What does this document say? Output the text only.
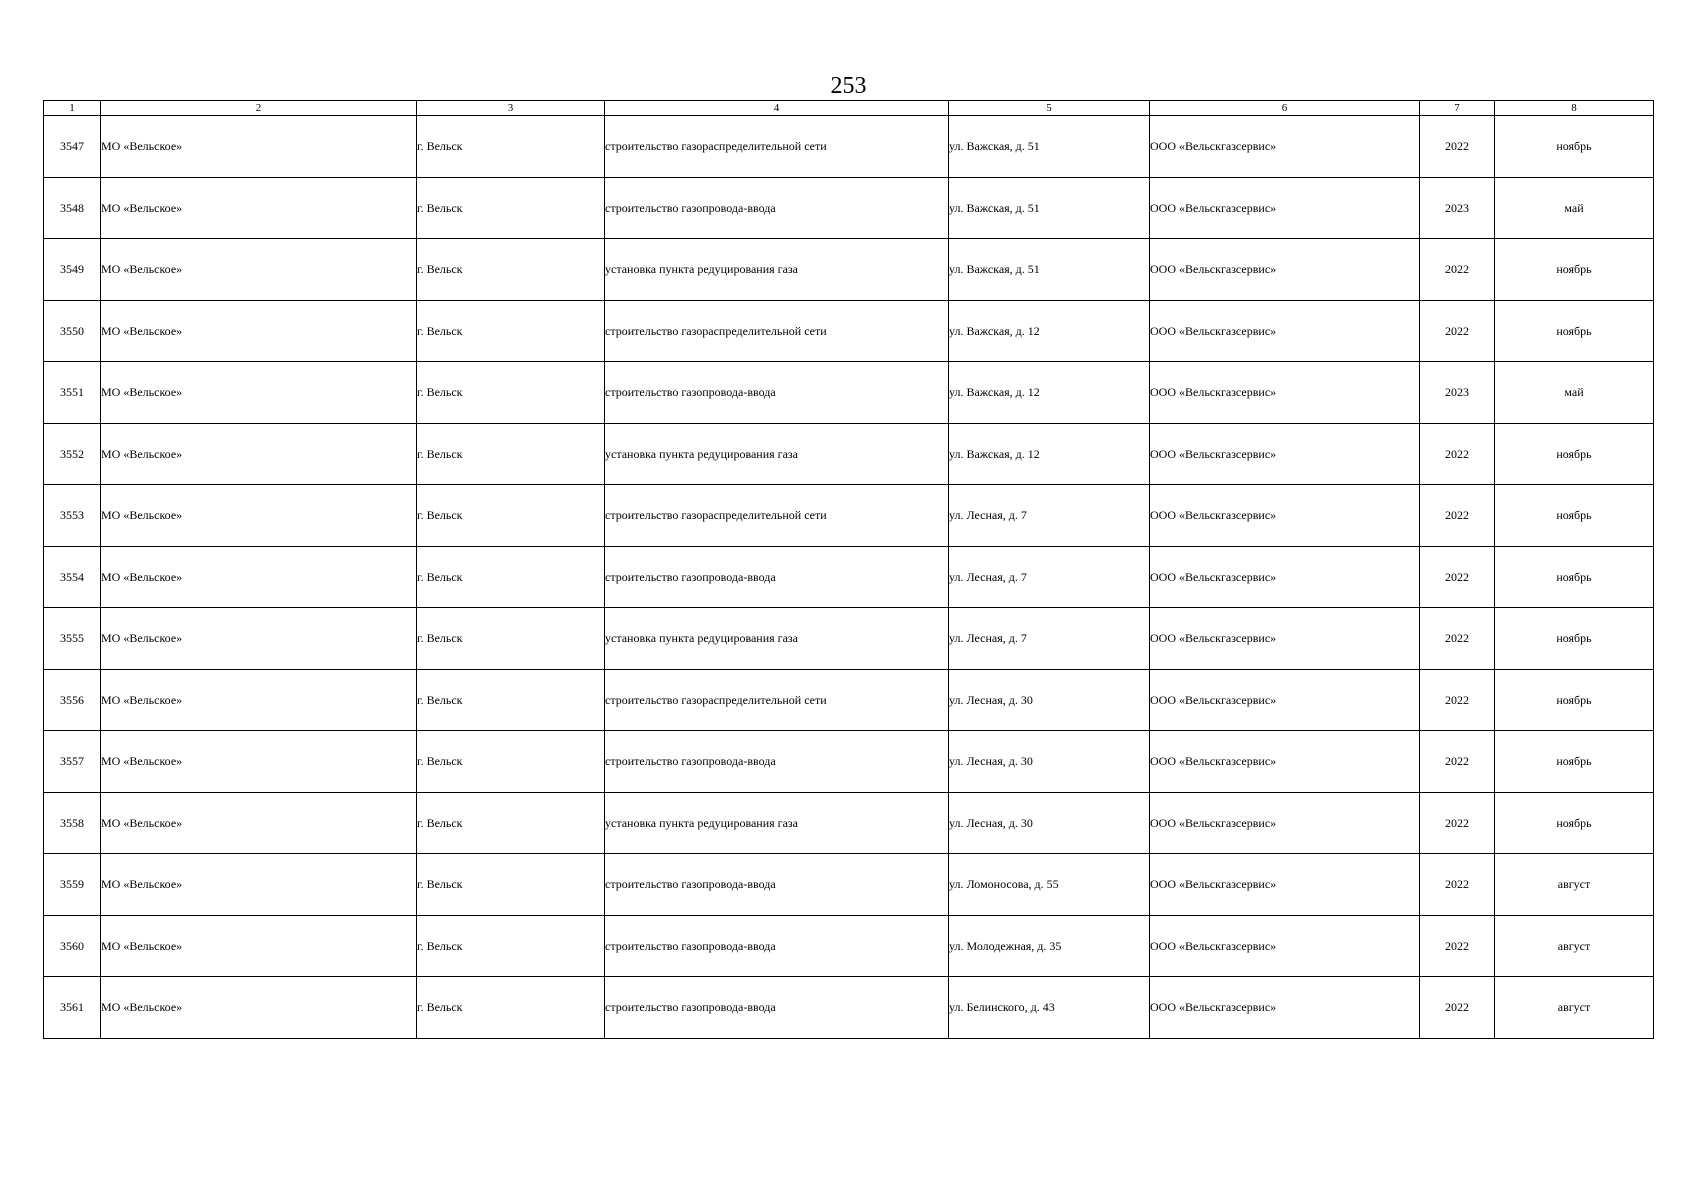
253
1	2	3	4	5	6	7	8
3547	МО «Вельское»	г. Вельск	строительство газораспределительной сети	ул. Важская, д. 51	ООО «Вельскгазсервис»	2022	ноябрь
3548	МО «Вельское»	г. Вельск	строительство газопровода-ввода	ул. Важская, д. 51	ООО «Вельскгазсервис»	2023	май
3549	МО «Вельское»	г. Вельск	установка пункта редуцирования газа	ул. Важская, д. 51	ООО «Вельскгазсервис»	2022	ноябрь
3550	МО «Вельское»	г. Вельск	строительство газораспределительной сети	ул. Важская, д. 12	ООО «Вельскгазсервис»	2022	ноябрь
3551	МО «Вельское»	г. Вельск	строительство газопровода-ввода	ул. Важская, д. 12	ООО «Вельскгазсервис»	2023	май
3552	МО «Вельское»	г. Вельск	установка пункта редуцирования газа	ул. Важская, д. 12	ООО «Вельскгазсервис»	2022	ноябрь
3553	МО «Вельское»	г. Вельск	строительство газораспределительной сети	ул. Лесная, д. 7	ООО «Вельскгазсервис»	2022	ноябрь
3554	МО «Вельское»	г. Вельск	строительство газопровода-ввода	ул. Лесная, д. 7	ООО «Вельскгазсервис»	2022	ноябрь
3555	МО «Вельское»	г. Вельск	установка пункта редуцирования газа	ул. Лесная, д. 7	ООО «Вельскгазсервис»	2022	ноябрь
3556	МО «Вельское»	г. Вельск	строительство газораспределительной сети	ул. Лесная, д. 30	ООО «Вельскгазсервис»	2022	ноябрь
3557	МО «Вельское»	г. Вельск	строительство газопровода-ввода	ул. Лесная, д. 30	ООО «Вельскгазсервис»	2022	ноябрь
3558	МО «Вельское»	г. Вельск	установка пункта редуцирования газа	ул. Лесная, д. 30	ООО «Вельскгазсервис»	2022	ноябрь
3559	МО «Вельское»	г. Вельск	строительство газопровода-ввода	ул. Ломоносова, д. 55	ООО «Вельскгазсервис»	2022	август
3560	МО «Вельское»	г. Вельск	строительство газопровода-ввода	ул. Молодежная, д. 35	ООО «Вельскгазсервис»	2022	август
3561	МО «Вельское»	г. Вельск	строительство газопровода-ввода	ул. Белинского, д. 43	ООО «Вельскгазсервис»	2022	август
